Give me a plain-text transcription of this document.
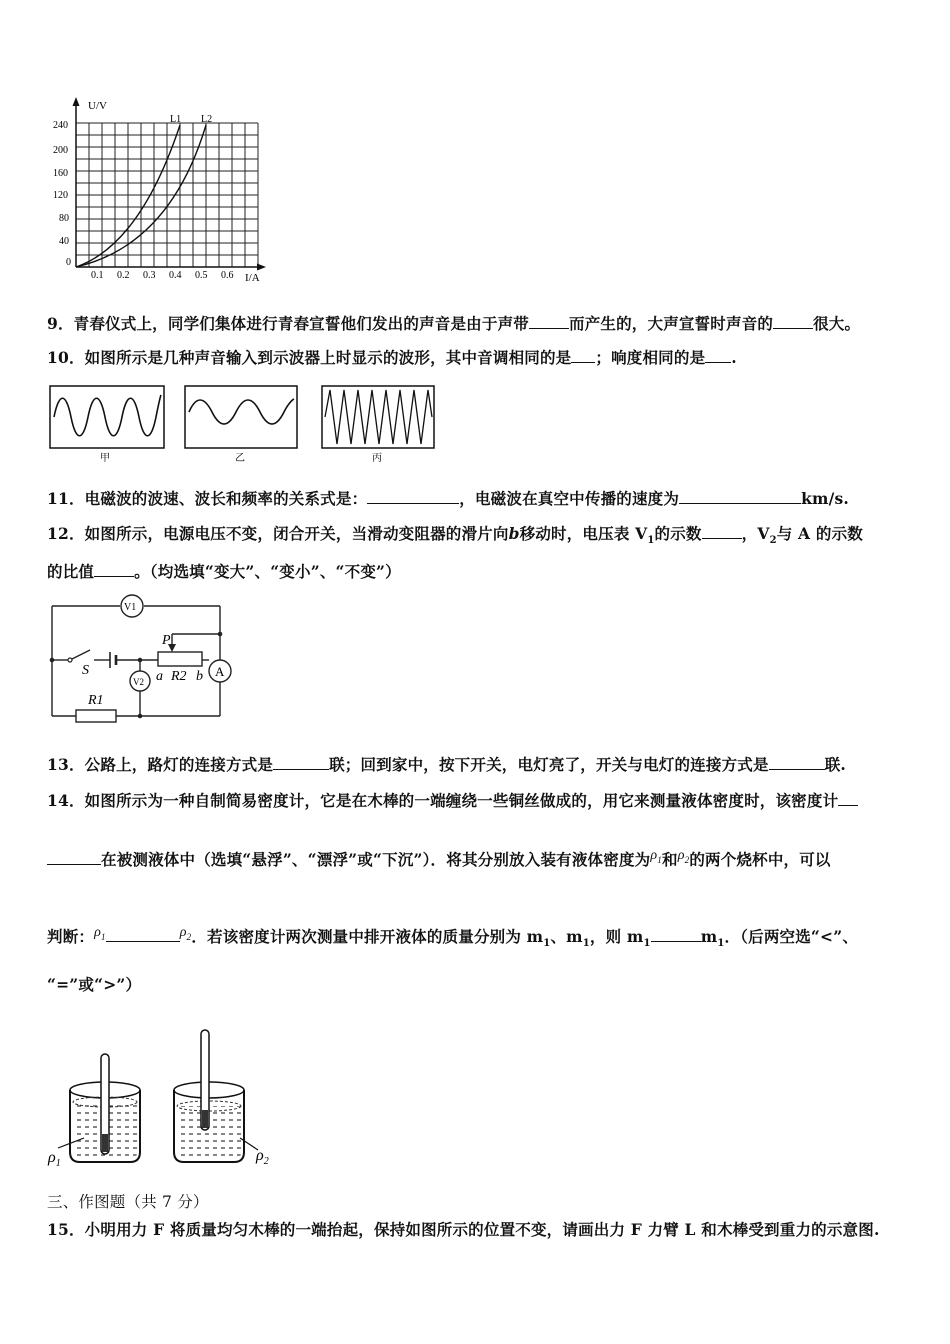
U/V
I/A
0
240
200
160
120
80
40
0.1 0.2 0.3 0.4 0.5 0.6
L1 L2
9．青春仪式上，同学们集体进行青春宣誓他们发出的声音是由于声带	而产生的，大声宣誓时声音的	很大。
10．如图所示是几种声音输入到示波器上时显示的波形，其中音调相同的是 ；响度相同的是 .
甲	乙	丙
11．电磁波的波速、波长和频率的关系式是：	，电磁波在真空中传播的速度为	km/s.
12．如图所示，电源电压不变，闭合开关，当滑动变阻器的滑片向b移动时，电压表 $V_1$的示数	，$V_2$与 A 的示数
的比值	。（均选填“变大”、“变小”、“不变”）
V1
V2
A
S
P
a R2 b
R1
13．公路上，路灯的连接方式是	联；回到家中，按下开关，电灯亮了，开关与电灯的连接方式是	联.
14．如图所示为一种自制简易密度计，它是在木棒的一端缠绕一些铜丝做成的，用它来测量液体密度时，该密度计
在被测液体中（选填“悬浮”、“漂浮”或“下沉”）．将其分别放入装有液体密度为$\rho_1$和$\rho_2$的两个烧杯中，可以
判断：$\rho_1$	$\rho_2$．若该密度计两次测量中排开液体的质量分别为 $m_1$、$m_1$，则 $m_1$	$m_1$．（后两空选“<”、
“=”或“>”）
$\rho_1$	$\rho_2$
三、作图题（共 7 分）
15．小明用力 F 将质量均匀木棒的一端抬起，保持如图所示的位置不变，请画出力 F 力臂 L 和木棒受到重力的示意图.
